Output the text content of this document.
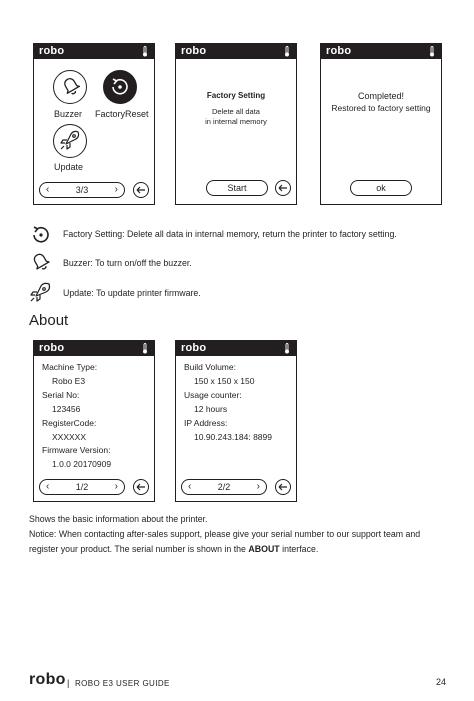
robo
Buzzer FactoryReset
Update
‹	3/3	›
robo
Factory Setting
Delete all data
in internal memory
Start
robo
Completed!
Restored to factory setting
ok
Factory Setting: Delete all data in internal memory, return the printer to factory setting.
Buzzer: To turn on/off the buzzer.
Update: To update printer firmware.
About
robo
Machine Type:
Robo E3
Serial No:
123456
RegisterCode:
XXXXXX
Firmware Version:
1.0.0 20170909
‹	1/2	›
robo
Build Volume:
150 x 150 x 150
Usage counter:
12 hours
IP Address:
10.90.243.184: 8899
‹	2/2	›
Shows the basic information about the printer.
Notice: When contacting after-sales support, please give your serial number to our support team and
register your product. The serial number is shown in the ABOUT interface.
robo | ROBO E3 USER GUIDE	24
